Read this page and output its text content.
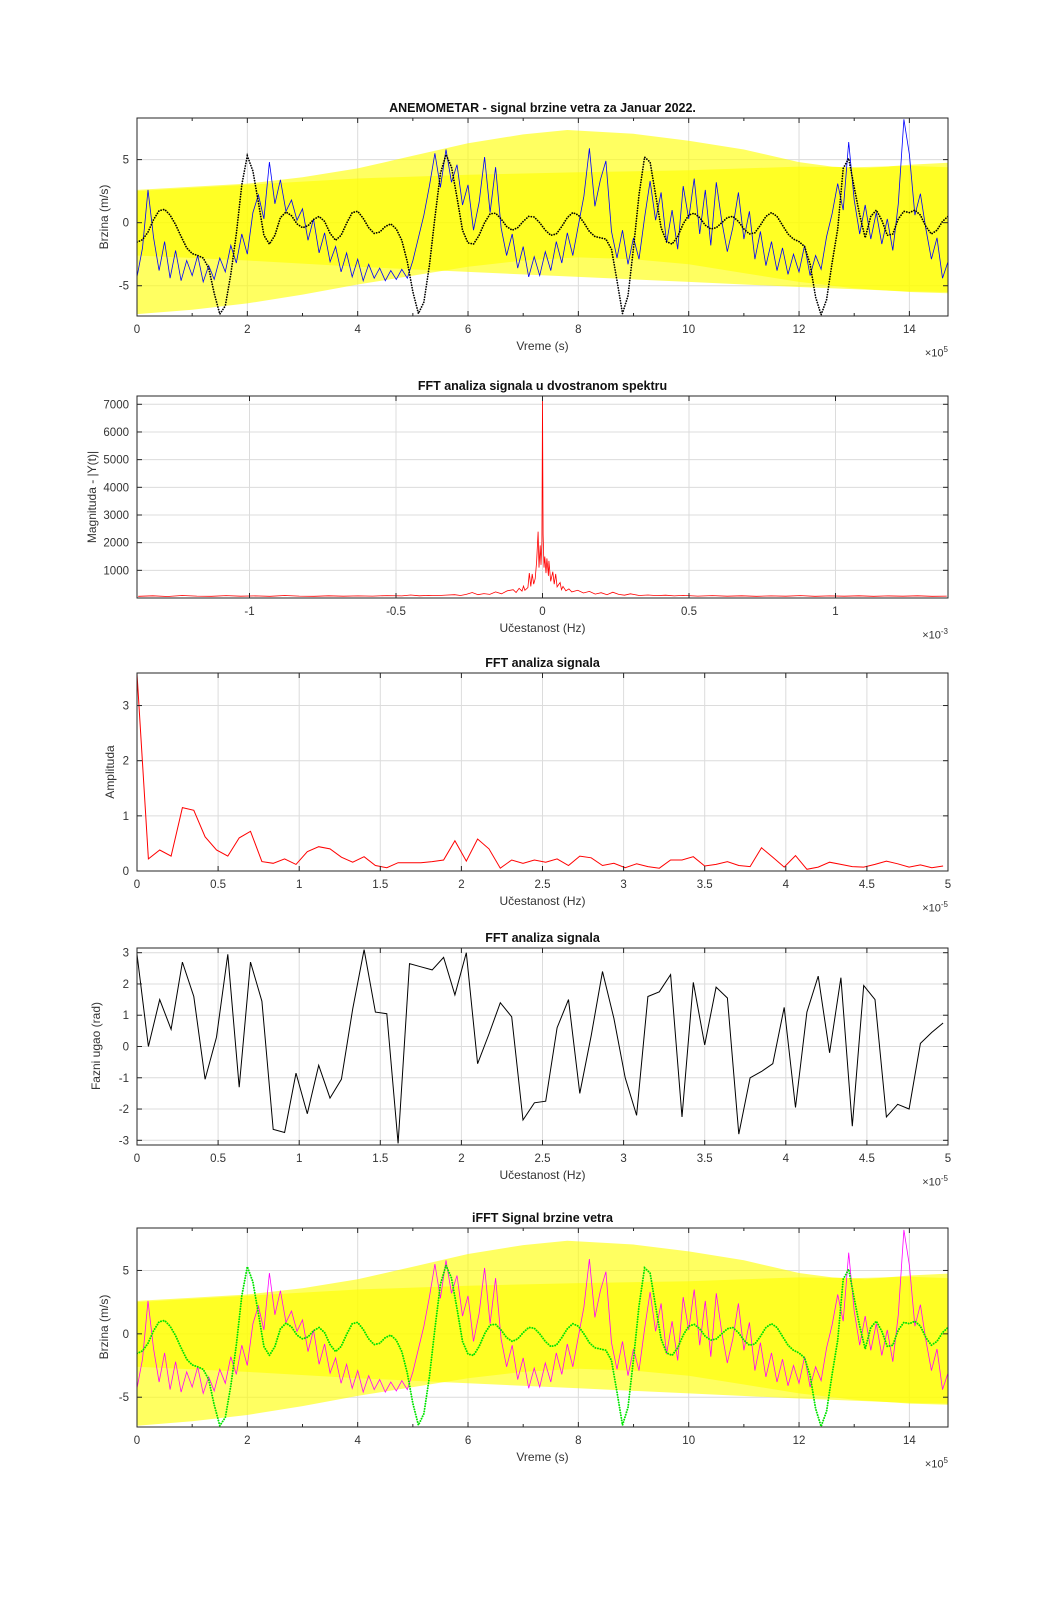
0	2	4	6	8	10	12	14
-5
0
5
-1	-0.5	0	0.5	1
1000
2000
3000
4000
5000
6000
7000
0	0.5	1	1.5	2	2.5	3	3.5	4	4.5	5
0
1
2
3
0	0.5	1	1.5	2	2.5	3	3.5	4	4.5	5
-3
-2
-1
0
1
2
3
0	2	4	6	8	10	12	14
-5
0
5
ANEMOMETAR - signal brzine vetra za Januar 2022.
FFT analiza signala u dvostranom spektru
FFT analiza signala
FFT analiza signala
iFFT Signal brzine vetra
Vreme (s)
Učestanost (Hz)
Učestanost (Hz)
Učestanost (Hz)
Vreme (s)
Brzina (m/s)
Magnituda - |Y(t)|
Amplituda
Fazni ugao (rad)
Brzina (m/s)
$\times 10^5$
$\times 10^{-3}$
$\times 10^{-5}$
$\times 10^{-5}$
$\times 10^5$
